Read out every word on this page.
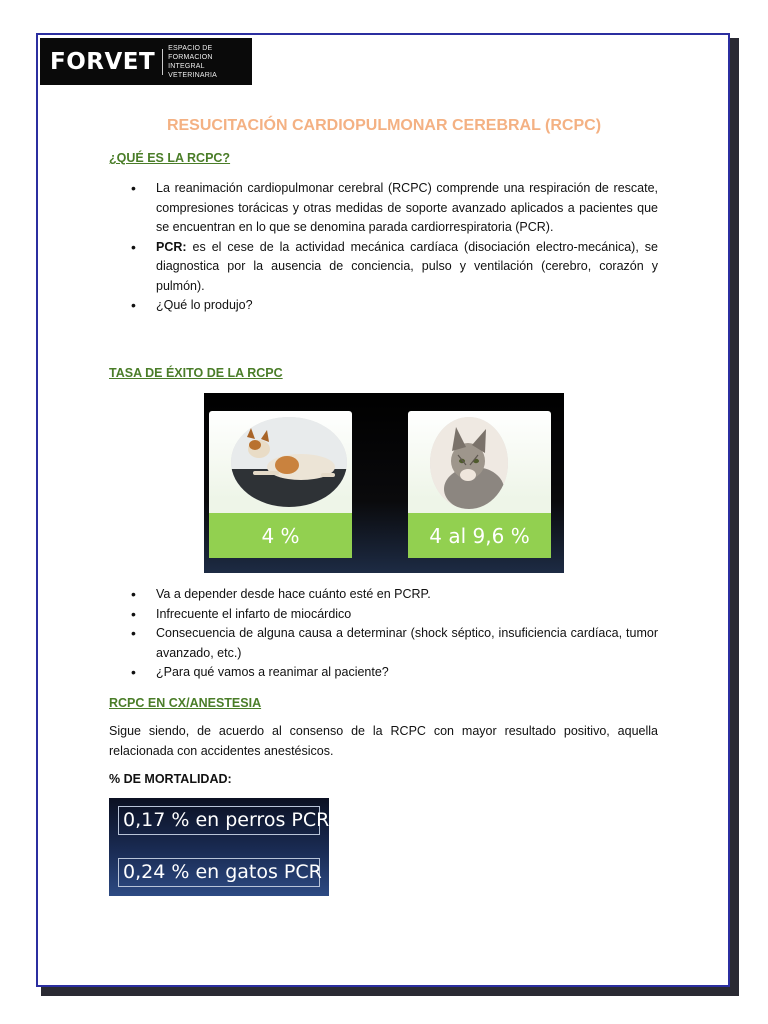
FORVET
ESPACIO DE FORMACION
INTEGRAL VETERINARIA
RESUCITACIÓN CARDIOPULMONAR CEREBRAL (RCPC)
¿QUÉ ES LA RCPC?
• La reanimación cardiopulmonar cerebral (RCPC) comprende una respiración de rescate, compresiones torácicas y otras medidas de soporte avanzado aplicados a pacientes que se encuentran en lo que se denomina parada cardiorrespiratoria (PCR).
• PCR: es el cese de la actividad mecánica cardíaca (disociación electro-mecánica), se diagnostica por la ausencia de conciencia, pulso y ventilación (cerebro, corazón y pulmón).
• ¿Qué lo produjo?
TASA DE ÉXITO DE LA RCPC
4 %	4 al 9,6 %
• Va a depender desde hace cuánto esté en PCRP.
• Infrecuente el infarto de miocárdico
• Consecuencia de alguna causa a determinar (shock séptico, insuficiencia cardíaca, tumor avanzado, etc.)
• ¿Para qué vamos a reanimar al paciente?
RCPC EN CX/ANESTESIA
Sigue siendo, de acuerdo al consenso de la RCPC con mayor resultado positivo, aquella relacionada con accidentes anestésicos.
% DE MORTALIDAD:
0,17 % en perros PCR
0,24 % en gatos PCR
